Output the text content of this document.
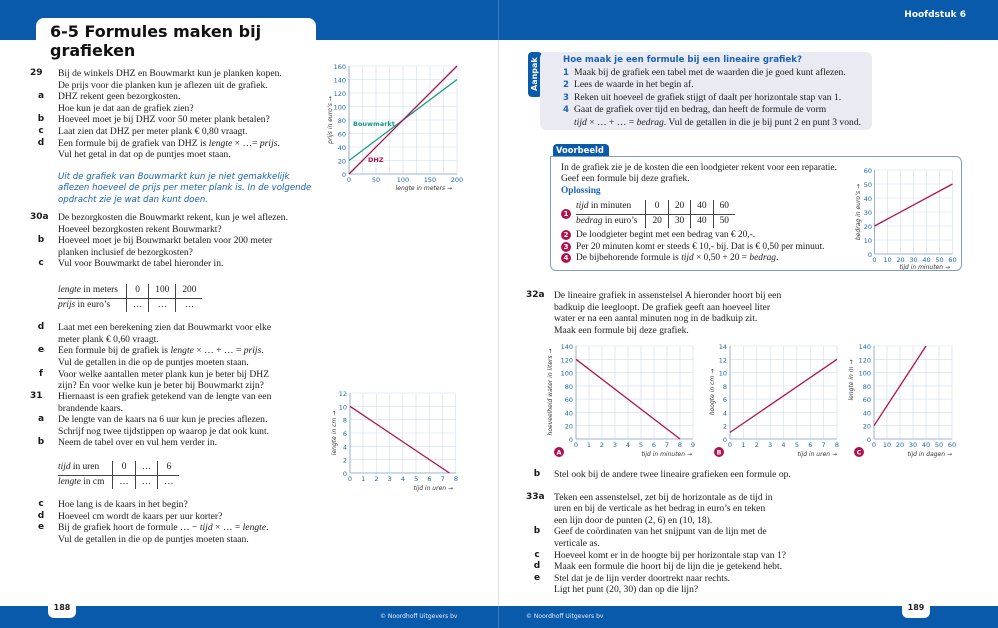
6-5 Formules maken bij grafieken
Hoofdstuk 6
29	Bij de winkels DHZ en Bouwmarkt kun je planken kopen.
De prijs voor die planken kun je aflezen uit de grafiek.
a	DHZ rekent geen bezorgkosten.
Hoe kun je dat aan de grafiek zien?
b	Hoeveel moet je bij DHZ voor 50 meter plank betalen?
c	Laat zien dat DHZ per meter plank € 0,80 vraagt.
d	Een formule bij de grafiek van DHZ is lengte × …= prijs.
Vul het getal in dat op de puntjes moet staan.
Uit de grafiek van Bouwmarkt kun je niet gemakkelijk aflezen hoeveel de prijs per meter plank is. In de volgende opdracht zie je wat dan kunt doen.
160
140
120
100
80
60
40
20
0
0	50	100 150 200
lengte in meters →
prijs in euro’s →	Bouwmarkt
DHZ
30a De bezorgkosten die Bouwmarkt rekent, kun je wel aflezen.
Hoeveel bezorgkosten rekent Bouwmarkt?
b	Hoeveel moet je bij Bouwmarkt betalen voor 200 meter
planken inclusief de bezorgkosten?
c	Vul voor Bouwmarkt de tabel hieronder in.
lengte in meters	0	100	200
prijs in euro’s	…	…	…
d	Laat met een berekening zien dat Bouwmarkt voor elke
meter plank € 0,60 vraagt.
e	Een formule bij de grafiek is lengte × … + … = prijs.
Vul de getallen in die op de puntjes moeten staan.
f	Voor welke aantallen meter plank kun je beter bij DHZ
zijn? En voor welke kun je beter bij Bouwmarkt zijn?
31	Hiernaast is een grafiek getekend van de lengte van een
brandende kaars.
a	De lengte van de kaars na 6 uur kun je precies aflezen.
Schrijf nog twee tijdstippen op waarop je dat ook kunt.
b	Neem de tabel over en vul hem verder in.
tijd in uren	0	…	6
lengte in cm	…	…	…
c	Hoe lang is de kaars in het begin?
d	Hoeveel cm wordt de kaars per uur korter?
e	Bij de grafiek hoort de formule … − tijd × … = lengte.
Vul de getallen in die op de puntjes moeten staan.
12
10
8
6
4
2
0
0 1 2 3 4 5 6 7 8
tijd in uren →
lengte in cm →
Aanpak	Hoe maak je een formule bij een lineaire grafiek?
1 Maak bij de grafiek een tabel met de waarden die je goed kunt aflezen.
2 Lees de waarde in het begin af.
3 Reken uit hoeveel de grafiek stijgt of daalt per horizontale stap van 1.
4 Gaat de grafiek over tijd en bedrag, dan heeft de formule de vorm
tijd × … + … = bedrag. Vul de getallen in die je bij punt 2 en punt 3 vond.
Voorbeeld
In de grafiek zie je de kosten die een loodgieter rekent voor een reparatie.
Geef een formule bij deze grafiek.
Oplossing
1
tijd in minuten	0	20	40	60
bedrag in euro’s	20	30	40	50
2 De loodgieter begint met een bedrag van € 20,-.
3 Per 20 minuten komt er steeds € 10,- bij. Dat is € 0,50 per minuut.
4 De bijbehorende formule is tijd × 0,50 + 20 = bedrag.
60
50
40
30
20
10
0
0 10 20 30 40 50 60
tijd in minuten →
bedrag in euro’s →
32a De lineaire grafiek in assenstelsel A hieronder hoort bij een
badkuip die leegloopt. De grafiek geeft aan hoeveel liter
water er na een aantal minuten nog in de badkuip zit.
Maak een formule bij deze grafiek.
140
120
100
80
60
40
20
0
0 1 2 3 4 5 6 7 8 9
tijd in minuten →
hoeveelheid water in liters →
A
14
12
10
8
6
4
2
0
0 1 2 3 4 5 6 7 8
tijd in uren →
hoogte in cm →
B
140
120
100
80
60
40
20
0
0 10 20 30 40 50 60
tijd in dagen →
lengte in m →
C
b	Stel ook bij de andere twee lineaire grafieken een formule op.
33a Teken een assenstelsel, zet bij de horizontale as de tijd in
uren en bij de verticale as het bedrag in euro’s en teken
een lijn door de punten (2, 6) en (10, 18).
b	Geef de coördinaten van het snijpunt van de lijn met de
verticale as.
c	Hoeveel komt er in de hoogte bij per horizontale stap van 1?
d	Maak een formule die hoort bij de lijn die je getekend hebt.
e	Stel dat je de lijn verder doortrekt naar rechts.
Ligt het punt (20, 30) dan op die lijn?
188	189
© Noordhoff Uitgevers bv	© Noordhoff Uitgevers bv
